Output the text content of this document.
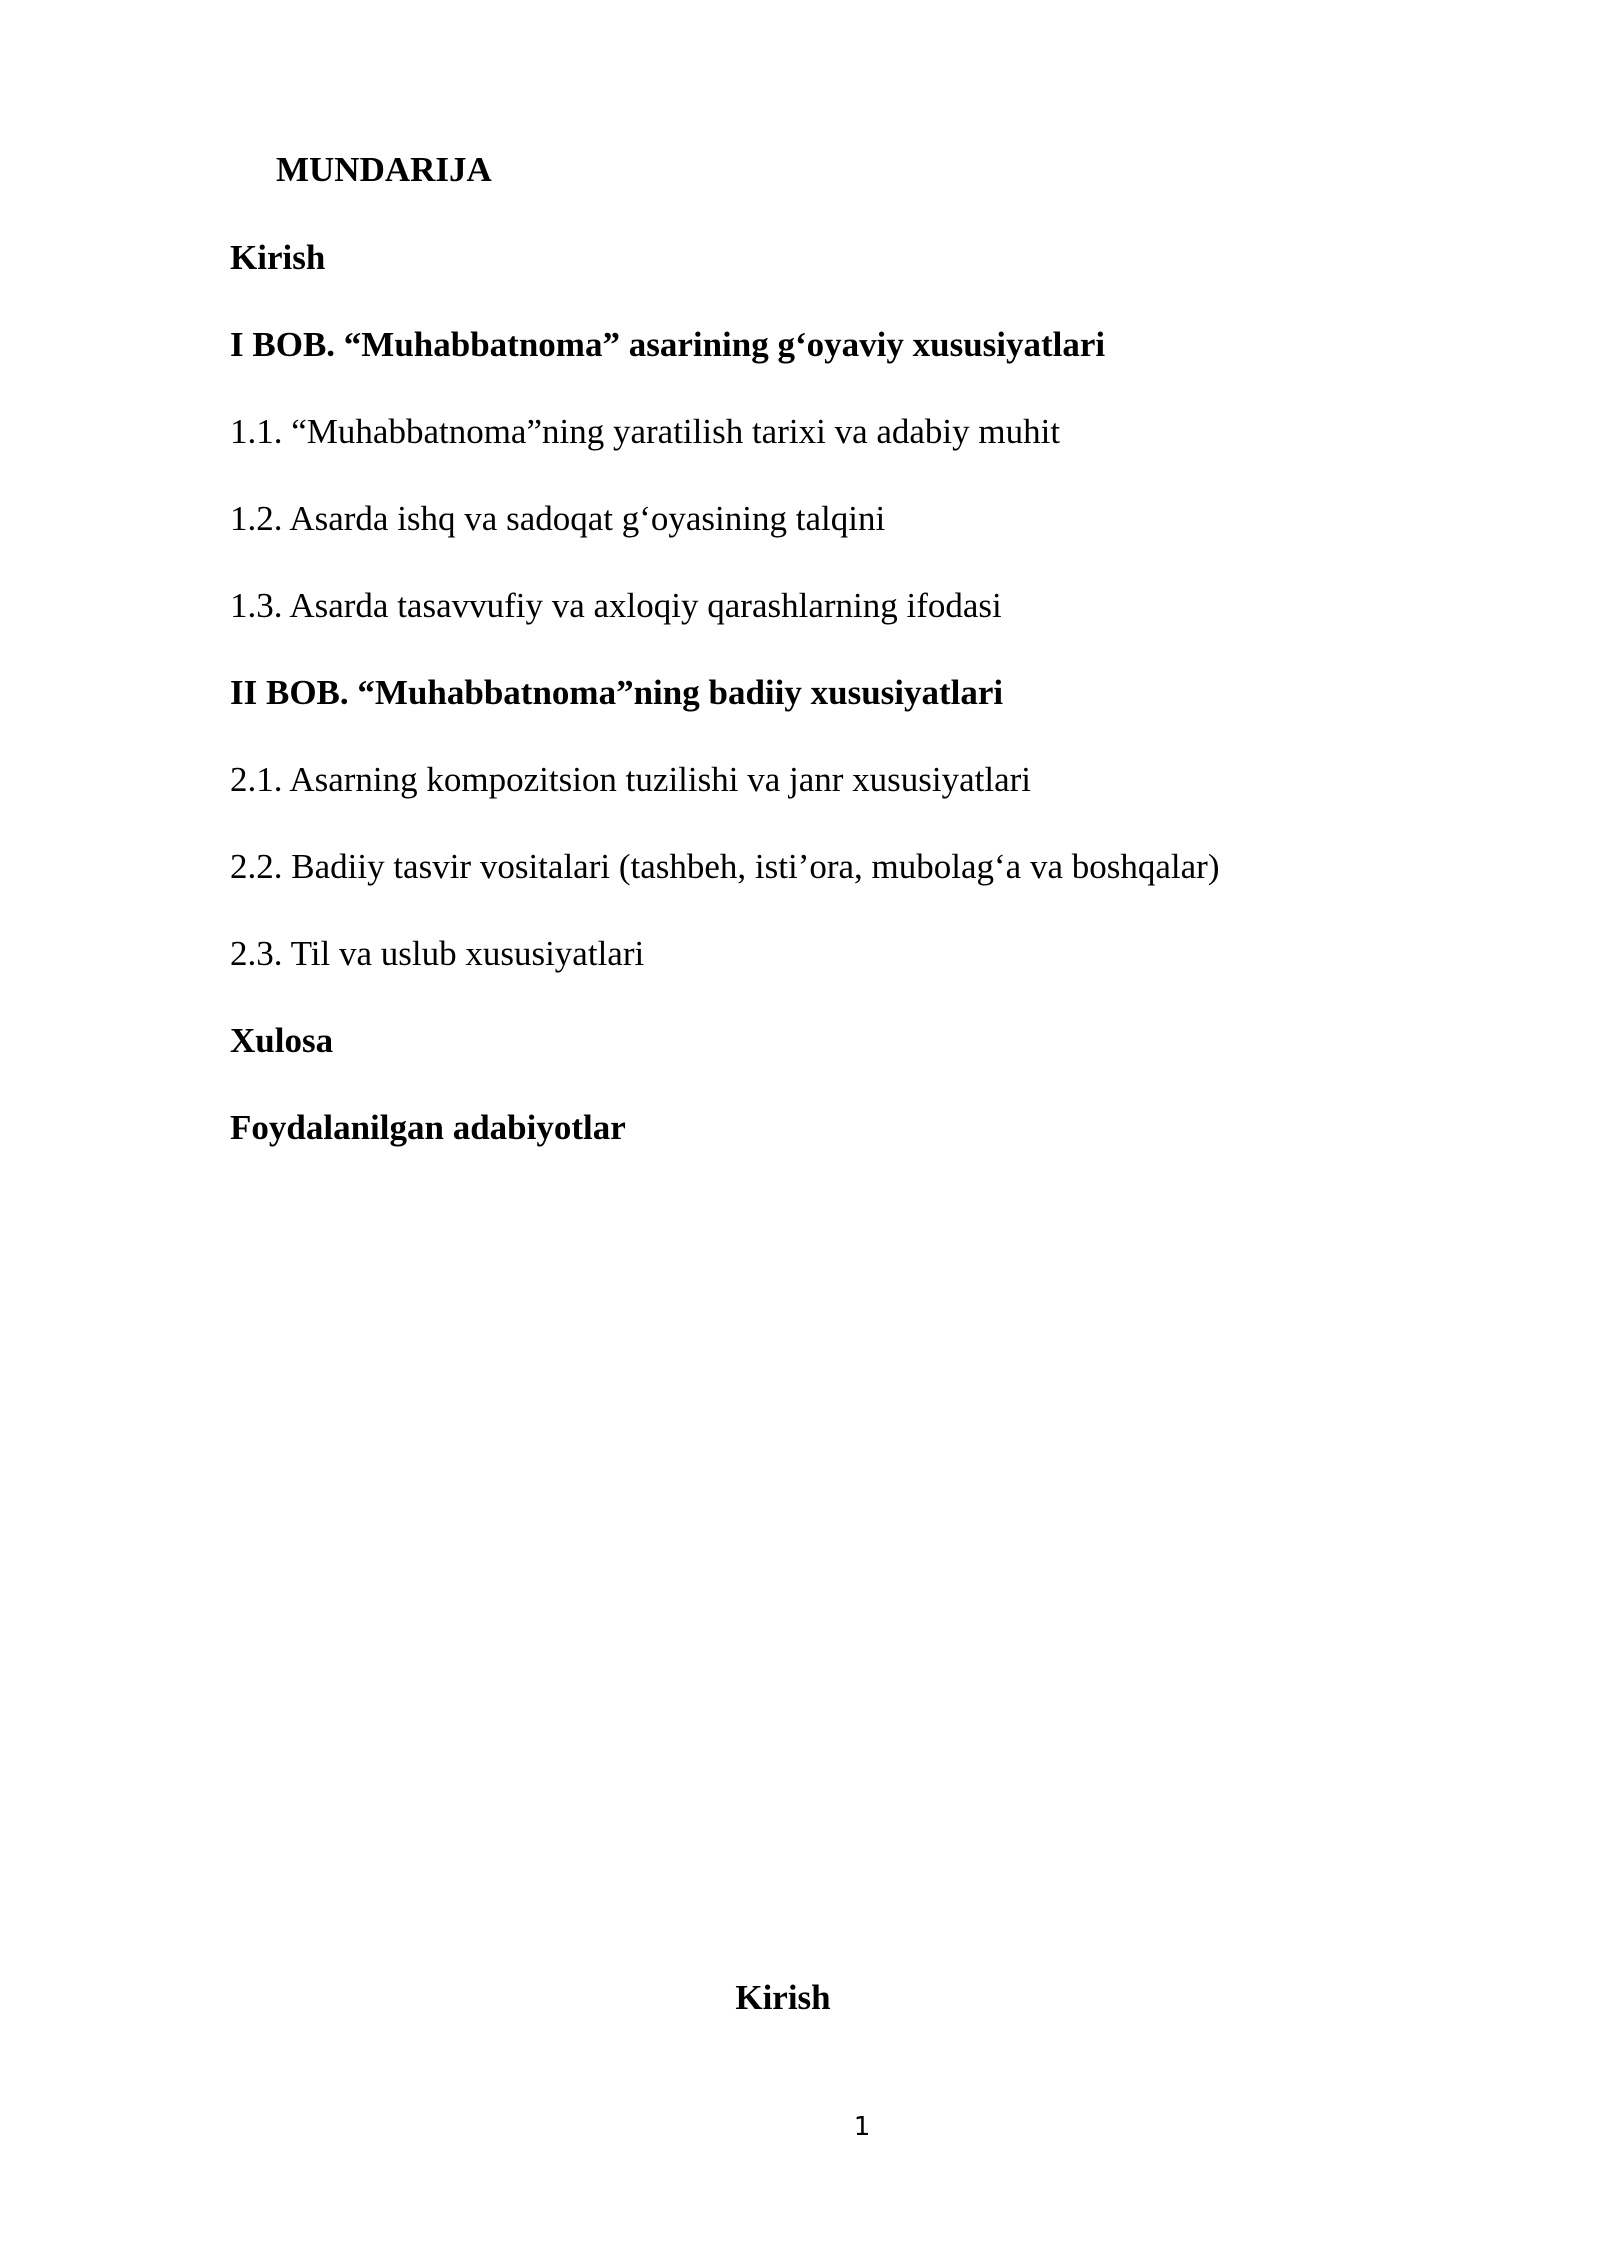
MUNDARIJA
Kirish
I BOB. “Muhabbatnoma” asarining g‘oyaviy xususiyatlari
1.1. “Muhabbatnoma”ning yaratilish tarixi va adabiy muhit
1.2. Asarda ishq va sadoqat g‘oyasining talqini
1.3. Asarda tasavvufiy va axloqiy qarashlarning ifodasi
II BOB. “Muhabbatnoma”ning badiiy xususiyatlari
2.1. Asarning kompozitsion tuzilishi va janr xususiyatlari
2.2. Badiiy tasvir vositalari (tashbeh, isti’ora, mubolag‘a va boshqalar)
2.3. Til va uslub xususiyatlari
Xulosa
Foydalanilgan adabiyotlar
Kirish
1
